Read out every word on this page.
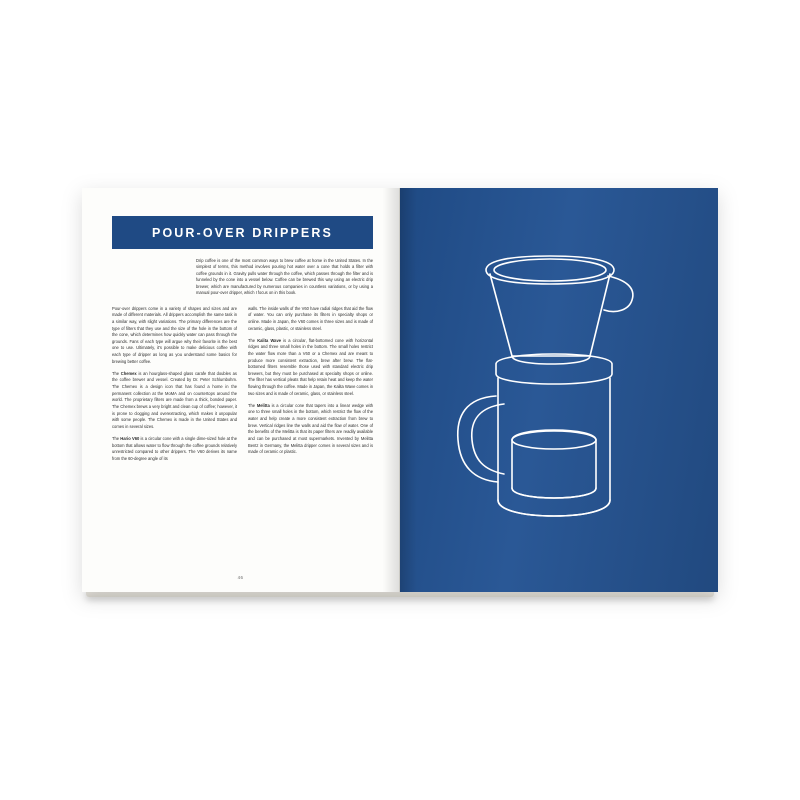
POUR-OVER DRIPPERS
Drip coffee is one of the most common ways to brew coffee at home in the United States. In the simplest of terms, this method involves pouring hot water over a cone that holds a filter with coffee grounds in it. Gravity pulls water through the coffee, which passes through the filter and is funneled by the cone into a vessel below. Coffee can be brewed this way using an electric drip brewer, which are manufactured by numerous companies in countless variations, or by using a manual pour-over dripper, which I focus on in this book.

Pour-over drippers come in a variety of shapes and sizes and are made of different materials. All drippers accomplish the same task in a similar way, with slight variations. The primary differences are the type of filters that they use and the size of the hole in the bottom of the cone, which determines how quickly water can pass through the grounds. Fans of each type will argue why their favorite is the best one to use. Ultimately, it's possible to make delicious coffee with each type of dripper as long as you understand some basics for brewing better coffee.

The Chemex is an hourglass-shaped glass carafe that doubles as the coffee brewer and vessel. Created by Dr. Peter Schlumbohm. The Chemex is a design icon that has found a home in the permanent collection at the MoMA and on countertops around the world. The proprietary filters are made from a thick, bonded paper. The Chemex brews a very bright and clean cup of coffee; however, it is prone to clogging and overextracting, which makes it unpopular with some people. The Chemex is made in the United States and comes in several sizes.

The Hario V60 is a circular cone with a single dime-sized hole at the bottom that allows water to flow through the coffee grounds relatively unrestricted compared to other drippers. The V60 derives its name from the 60-degree angle of its

walls. The inside walls of the V60 have radial ridges that aid the flow of water. You can only purchase its filters in specialty shops or online. Made in Japan, the V60 comes in three sizes and is made of ceramic, glass, plastic, or stainless steel.

The Kalita Wave is a circular, flat-bottomed cone with horizontal ridges and three small holes in the bottom. The small holes restrict the water flow more than a V60 or a Chemex and are meant to produce more consistent extraction, brew after brew. The flat-bottomed filters resemble those used with standard electric drip brewers, but they must be purchased at specialty shops or online. The filter has vertical pleats that help retain heat and keep the water flowing through the coffee. Made in Japan, the Kalita Wave comes in two sizes and is made of ceramic, glass, or stainless steel.

The Melitta is a circular cone that tapers into a linear wedge with one to three small holes in the bottom, which restrict the flow of the water and help create a more consistent extraction from brew to brew. Vertical ridges line the walls and aid the flow of water. One of the benefits of the Melitta is that its paper filters are readily available and can be purchased at most supermarkets. Invented by Melitta Bentz in Germany, the Melitta dripper comes in several sizes and is made of ceramic or plastic.

46
